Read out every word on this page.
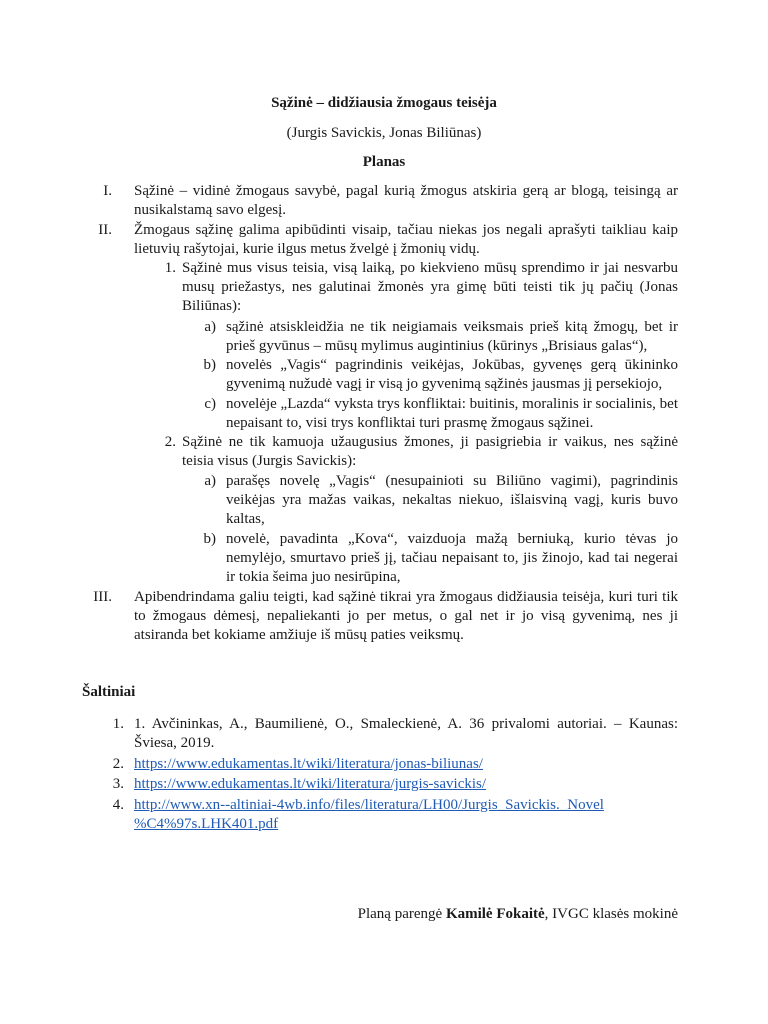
Sąžinė – didžiausia žmogaus teisėja
(Jurgis Savickis, Jonas Biliūnas)
Planas
I. Sąžinė – vidinė žmogaus savybė, pagal kurią žmogus atskiria gerą ar blogą, teisingą ar nusikalstamą savo elgesį.
II. Žmogaus sąžinę galima apibūdinti visaip, tačiau niekas jos negali aprašyti taikliau kaip lietuvių rašytojai, kurie ilgus metus žvelgė į žmonių vidų.
1. Sąžinė mus visus teisia, visą laiką, po kiekvieno mūsų sprendimo ir jai nesvarbu musų priežastys, nes galutinai žmonės yra gimę būti teisti tik jų pačių (Jonas Biliūnas):
a) sąžinė atsiskleidžia ne tik neigiamais veiksmais prieš kitą žmogų, bet ir prieš gyvūnus – mūsų mylimus augintinius (kūrinys „Brisiaus galas“),
b) novelės „Vagis“ pagrindinis veikėjas, Jokūbas, gyvenęs gerą ūkininko gyvenimą nužudė vagį ir visą jo gyvenimą sąžinės jausmas jį persekiojo,
c) novelėje „Lazda“ vyksta trys konfliktai: buitinis, moralinis ir socialinis, bet nepaisant to, visi trys konfliktai turi prasmę žmogaus sąžinei.
2. Sąžinė ne tik kamuoja užaugusius žmones, ji pasigriebia ir vaikus, nes sąžinė teisia visus (Jurgis Savickis):
a) parašęs novelę „Vagis“ (nesupainioti su Biliūno vagimi), pagrindinis veikėjas yra mažas vaikas, nekaltas niekuo, išlaisviną vagį, kuris buvo kaltas,
b) novelė, pavadinta „Kova“, vaizduoja mažą berniuką, kurio tėvas jo nemylėjo, smurtavo prieš jį, tačiau nepaisant to, jis žinojo, kad tai negerai ir tokia šeima juo nesirūpina,
III. Apibendrindama galiu teigti, kad sąžinė tikrai yra žmogaus didžiausia teisėja, kuri turi tik to žmogaus dėmesį, nepaliekanti jo per metus, o gal net ir jo visą gyvenimą, nes ji atsiranda bet kokiame amžiuje iš mūsų paties veiksmų.
Šaltiniai
1. 1. Avčininkas, A., Baumilienė, O., Smaleckienė, A. 36 privalomi autoriai. – Kaunas: Šviesa, 2019.
2. https://www.edukamentas.lt/wiki/literatura/jonas-biliunas/
3. https://www.edukamentas.lt/wiki/literatura/jurgis-savickis/
4. http://www.xn--altiniai-4wb.info/files/literatura/LH00/Jurgis_Savickis._Novel
%C4%97s.LHK401.pdf
Planą parengė Kamilė Fokaitė, IVGC klasės mokinė
